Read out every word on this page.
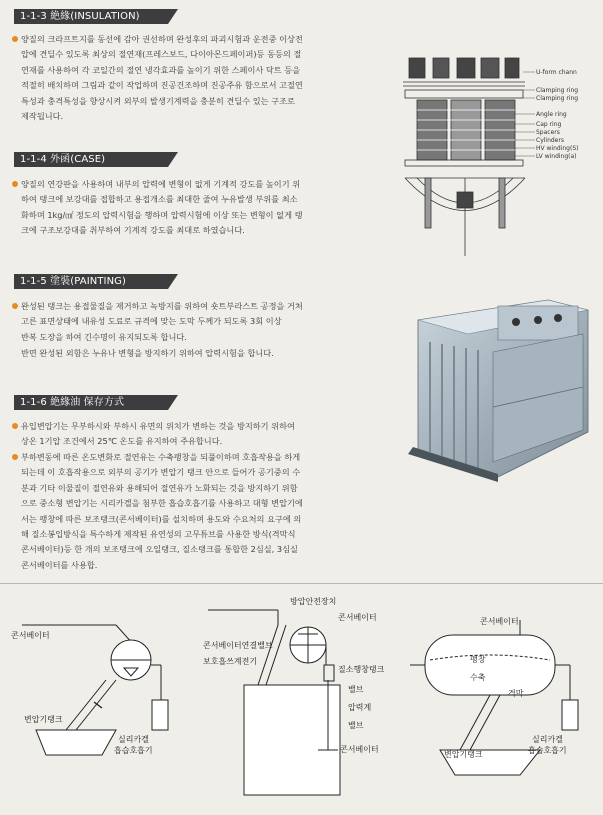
1-1-3 絶緣(INSULATION)

양질의 크라프트지를 동선에 감아 권선하며 완성후의 파괴시험과 운전중 이상전

압에 견딜수 있도록 최상의 절연재(프레스보드, 다이아몬드페이퍼)등 동등의 절

연재를 사용하여 각 코일간의 절연 냉각효과를 높이기 위한 스페이사 닥트 등을

적절히 배치하며 그림과 같이 작업하며 진공건조하며 진공주유 함으로서 고절연

특성과 충격특성을 향상시켜 외부의 발생기계력을 충분히 견딜수 있는 구조로

제작됩니다.

U-form chann
Clamping ring
Clamping ring
Angle ring
Cap ring
Spacers
Cylinders
HV winding(S)
LV winding(a)
1-1-4 外函(CASE)

양질의 연강판을 사용하며 내부의 압력에 변형이 없게 기계적 강도를 높이기 위

하여 탱크에 보강대를 접합하고 용접개소를 최대한 줄여 누유발생 부위를 최소

화하며 1kg/㎠ 정도의 압력시험을 행하며 압력시험에 이상 또는 변형이 없게 탱

크에 구조보강대를 취부하여 기계적 강도를 최대로 하였습니다.

1-1-5 塗裝(PAINTING)

완성된 탱크는 용접물질을 제거하고 녹방지를 위하여 숏트부라스트 공정을 거쳐

고른 표면상태에 내유성 도료로 규격에 맞는 도막 두께가 되도록 3회 이상

반복 도장을 하여 긴수명이 유지되도록 합니다.

반면 완성된 외함은 누유나 변형을 방지하기 위하여 압력시험을 합니다.
1-1-6 絶緣油 保存方式

유입변압기는 무부하시와 부하시 유면의 위치가 변하는 것을 방지하기 위하여

상온 1기압 조건에서 25℃ 온도를 유지하여 주유합니다.

부하변동에 따른 온도변화로 절연유는 수축팽창을 되풀이하며 호흡작용을 하게

되는데 이 호흡작용으로 외부의 공기가 변압기 탱크 안으로 들어가 공기중의 수

분과 기타 이물질이 절연유와 용해되어 절연유가 노화되는 것을 방지하기 위함

으로 중소형 변압기는 시리카겔을 첨부한 흡습호흡기를 사용하고 대형 변압기에

서는 팽창에 따른 보조탱크(콘서베이터)를 설치하며 용도와 수요처의 요구에 의

해 질소봉입방식을 특수하게 제작된 유연성의 고무튜브를 사용한 방식(격막식

콘서베이터)등 한 개의 보조탱크에 오일탱크, 질소탱크를 통합한 2심실, 3심실

콘서베이터를 사용합.

콘서베이터
변압기탱크
실리카겔
흡습호흡기
방압안전장치
콘서베이터
콘서베이터연결밸브
보호흡쓰계전기
질소행창탱크
밸브
압력계
밸브
콘서베이터
콘서베이터
팽창
수축
격막
변압기탱크
실리카겔
흡습호흡기
